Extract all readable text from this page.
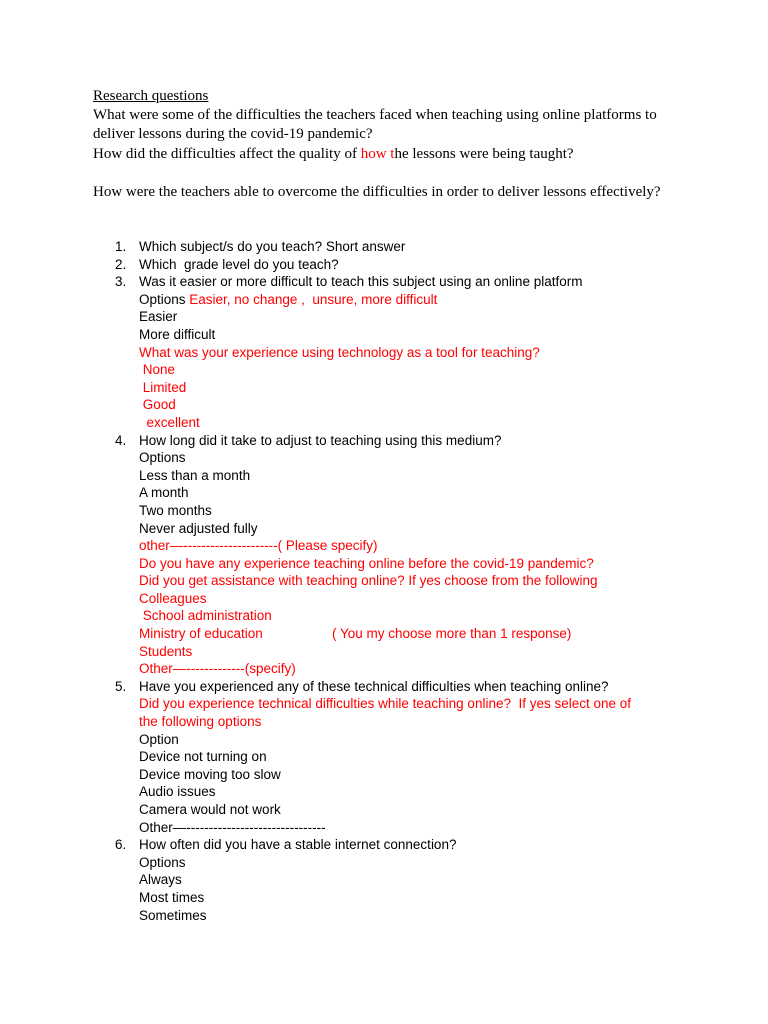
Research questions
What were some of the difficulties the teachers faced when teaching using online platforms to deliver lessons during the covid-19 pandemic?
How did the difficulties affect the quality of how the lessons were being taught?
How were the teachers able to overcome the difficulties in order to deliver lessons effectively?
1. Which subject/s do you teach? Short answer
2. Which  grade level do you teach?
3. Was it easier or more difficult to teach this subject using an online platform
Options Easier, no change ,  unsure, more difficult
Easier
More difficult
What was your experience using technology as a tool for teaching?
None
Limited
Good
excellent
4. How long did it take to adjust to teaching using this medium?
Options
Less than a month
A month
Two months
Never adjusted fully
other—---------------------( Please specify)
Do you have any experience teaching online before the covid-19 pandemic?
Did you get assistance with teaching online? If yes choose from the following
Colleagues
School administration
Ministry of education	( You my choose more than 1 response)
Students
Other—-------------(specify)
5. Have you experienced any of these technical difficulties when teaching online?
Did you experience technical difficulties while teaching online?  If yes select one of
the following options
Option
Device not turning on
Device moving too slow
Audio issues
Camera would not work
Other—-------------------------------
6. How often did you have a stable internet connection?
Options
Always
Most times
Sometimes
